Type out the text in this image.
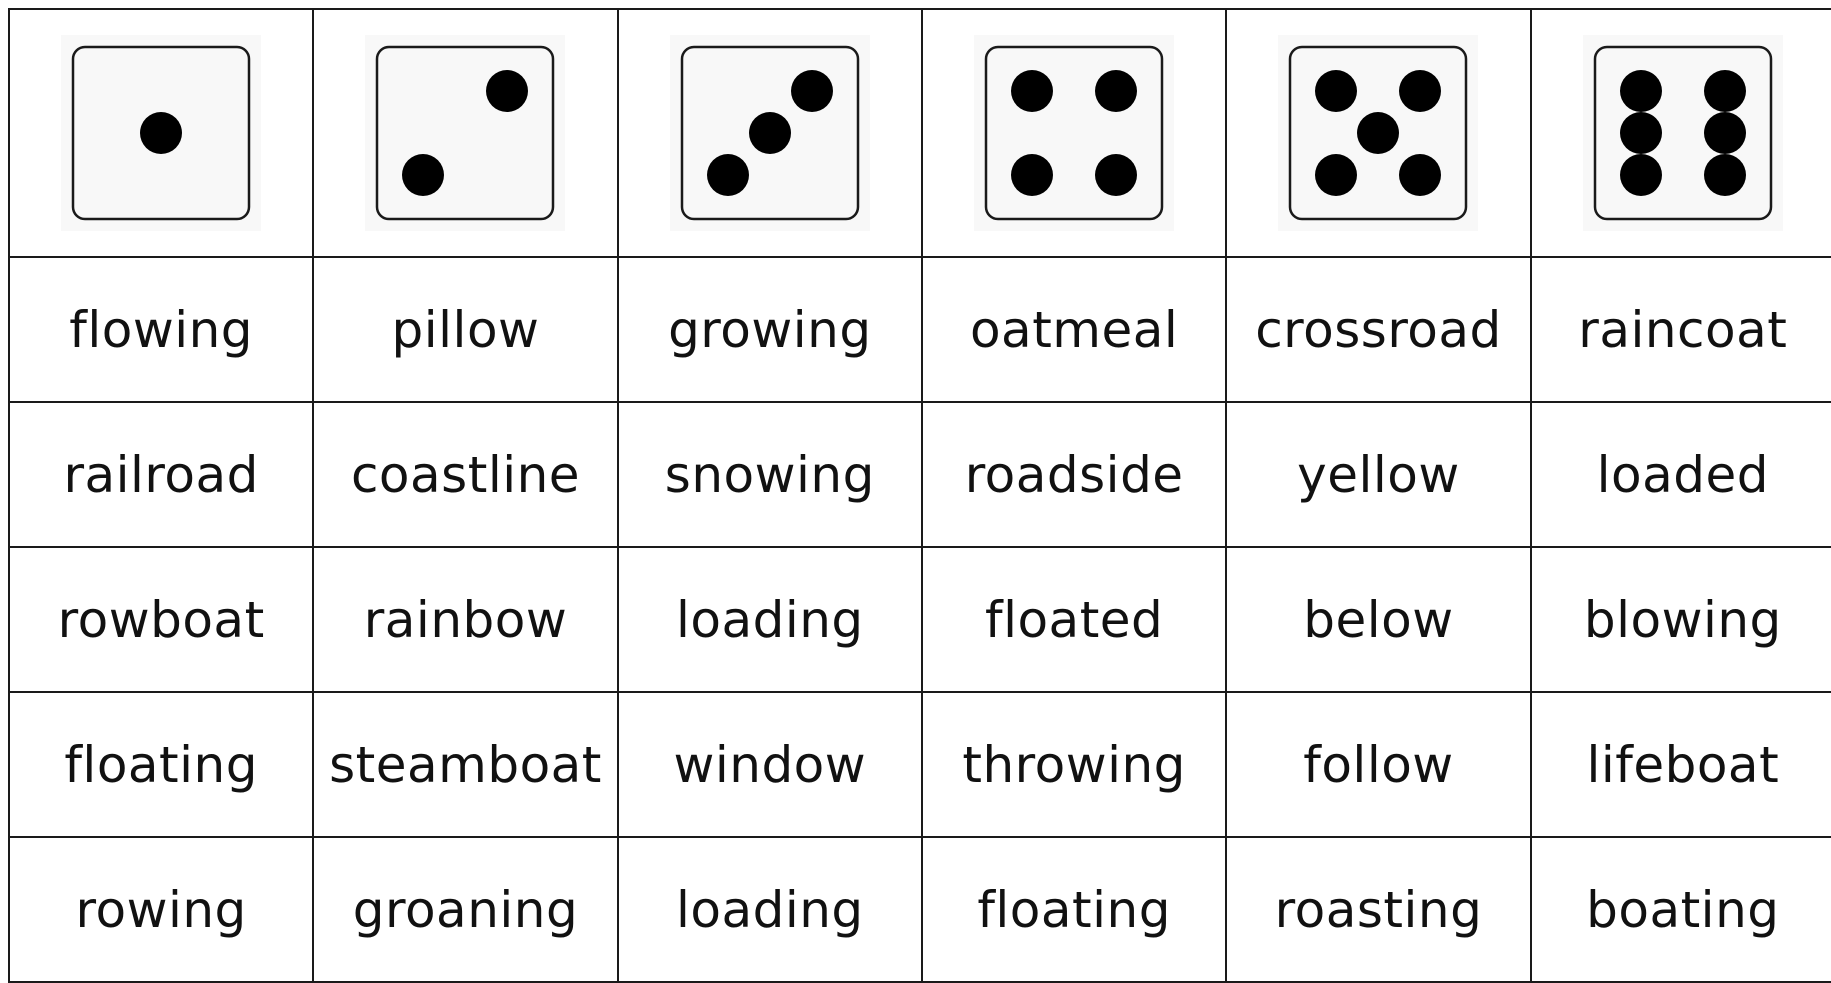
flowing	pillow	growing	oatmeal	crossroad	raincoat
railroad	coastline	snowing	roadside	yellow	loaded
rowboat	rainbow	loading	floated	below	blowing
floating	steamboat	window	throwing	follow	lifeboat
rowing	groaning	loading	floating	roasting	boating
